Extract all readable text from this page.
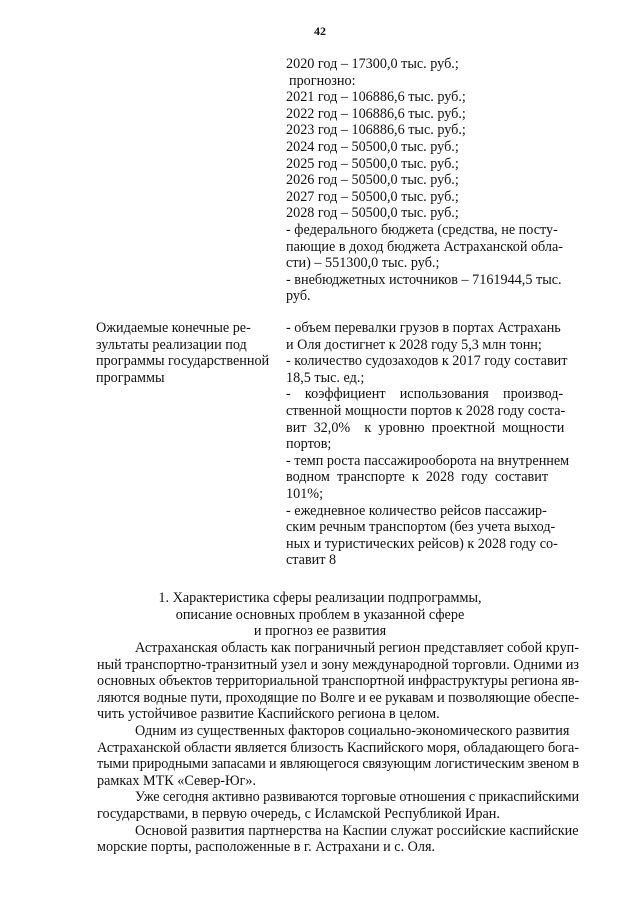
42
2020 год – 17300,0 тыс. руб.;
прогнозно:
2021 год – 106886,6 тыс. руб.;
2022 год – 106886,6 тыс. руб.;
2023 год – 106886,6 тыс. руб.;
2024 год – 50500,0 тыс. руб.;
2025 год – 50500,0 тыс. руб.;
2026 год – 50500,0 тыс. руб.;
2027 год – 50500,0 тыс. руб.;
2028 год – 50500,0 тыс. руб.;
- федерального бюджета (средства, не посту-
пающие в доход бюджета Астраханской обла-
сти) – 551300,0 тыс. руб.;
- внебюджетных источников – 7161944,5 тыс.
руб.
Ожидаемые конечные ре-
зультаты реализации под
программы государственной
программы
- объем перевалки грузов в портах Астрахань
и Оля достигнет к 2028 году 5,3 млн тонн;
- количество судозаходов к 2017 году составит
18,5 тыс. ед.;
-    коэффициент    использования    производ-
ственной мощности портов к 2028 году соста-
вит  32,0%    к  уровню  проектной  мощности
портов;
- темп роста пассажирооборота на внутреннем
водном  транспорте  к  2028  году  составит
101%;
- ежедневное количество рейсов пассажир-
ским речным транспортом (без учета выход-
ных и туристических рейсов) к 2028 году со-
ставит 8
1. Характеристика сферы реализации подпрограммы,
описание основных проблем в указанной сфере
и прогноз ее развития
Астраханская область как пограничный регион представляет собой круп-
ный транспортно-транзитный узел и зону международной торговли. Одними из
основных объектов территориальной транспортной инфраструктуры региона яв-
ляются водные пути, проходящие по Волге и ее рукавам и позволяющие обеспе-
чить устойчивое развитие Каспийского региона в целом.
Одним из существенных факторов социально-экономического развития
Астраханской области является близость Каспийского моря, обладающего бога-
тыми природными запасами и являющегося связующим логистическим звеном в
рамках МТК «Север-Юг».
Уже сегодня активно развиваются торговые отношения с прикаспийскими
государствами, в первую очередь, с Исламской Республикой Иран.
Основой развития партнерства на Каспии служат российские каспийские
морские порты, расположенные в г. Астрахани и с. Оля.
